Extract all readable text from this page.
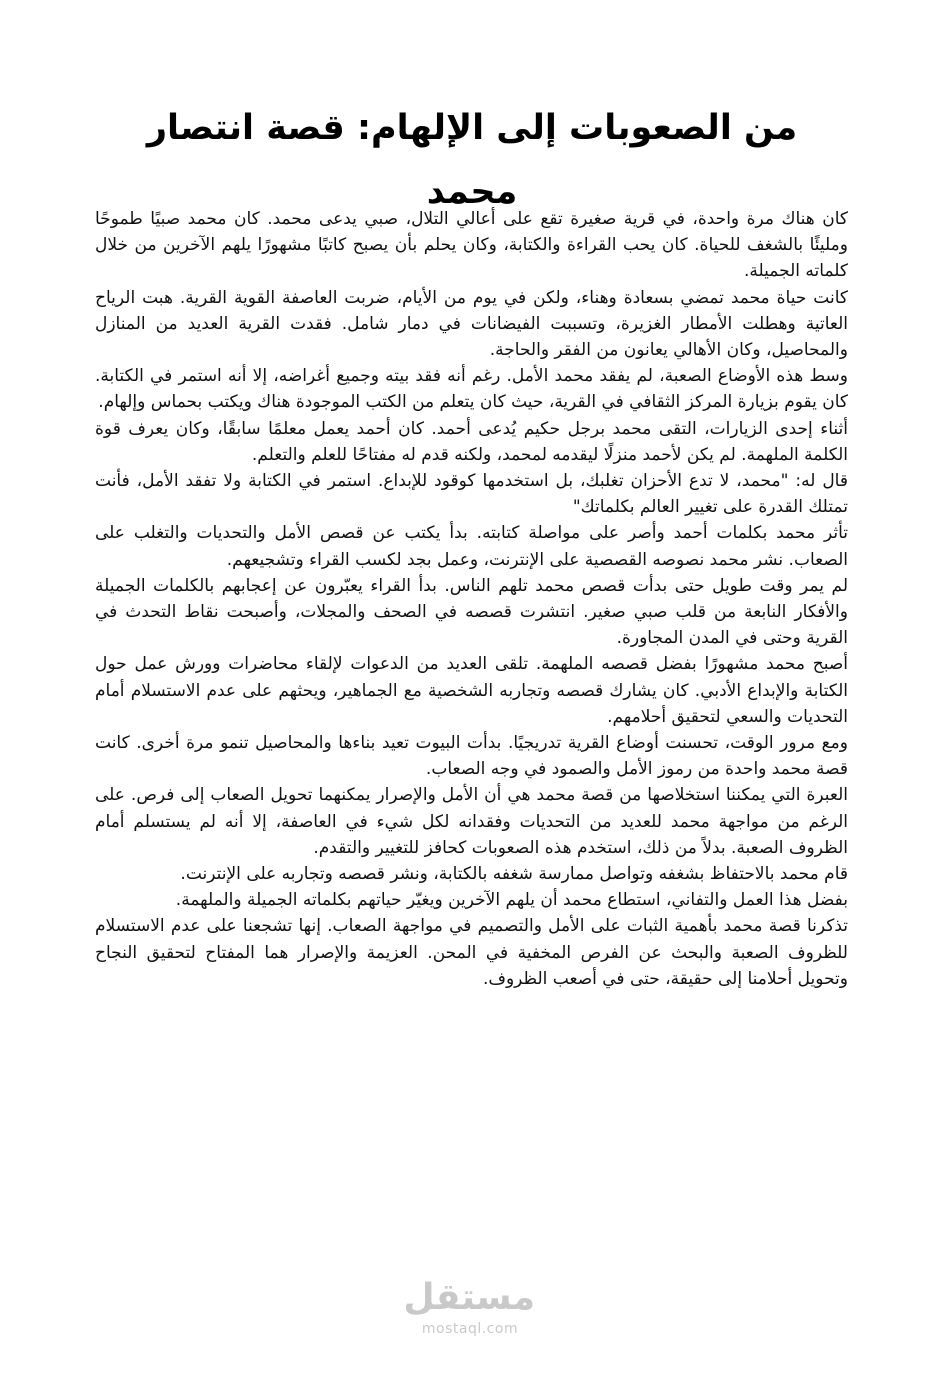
من الصعوبات إلى الإلهام: قصة انتصار محمد

كان هناك مرة واحدة، في قرية صغيرة تقع على أعالي التلال، صبي يدعى محمد. كان محمد صبيًا طموحًا ومليئًا بالشغف للحياة. كان يحب القراءة والكتابة، وكان يحلم بأن يصبح كاتبًا مشهورًا يلهم الآخرين من خلال كلماته الجميلة.

كانت حياة محمد تمضي بسعادة وهناء، ولكن في يوم من الأيام، ضربت العاصفة القوية القرية. هبت الرياح العاتية وهطلت الأمطار الغزيرة، وتسببت الفيضانات في دمار شامل. فقدت القرية العديد من المنازل والمحاصيل، وكان الأهالي يعانون من الفقر والحاجة.

وسط هذه الأوضاع الصعبة، لم يفقد محمد الأمل. رغم أنه فقد بيته وجميع أغراضه، إلا أنه استمر في الكتابة. كان يقوم بزيارة المركز الثقافي في القرية، حيث كان يتعلم من الكتب الموجودة هناك ويكتب بحماس وإلهام.

أثناء إحدى الزيارات، التقى محمد برجل حكيم يُدعى أحمد. كان أحمد يعمل معلمًا سابقًا، وكان يعرف قوة الكلمة الملهمة. لم يكن لأحمد منزلًا ليقدمه لمحمد، ولكنه قدم له مفتاحًا للعلم والتعلم.

قال له: "محمد، لا تدع الأحزان تغلبك، بل استخدمها كوقود للإبداع. استمر في الكتابة ولا تفقد الأمل، فأنت تمتلك القدرة على تغيير العالم بكلماتك"

تأثر محمد بكلمات أحمد وأصر على مواصلة كتابته. بدأ يكتب عن قصص الأمل والتحديات والتغلب على الصعاب. نشر محمد نصوصه القصصية على الإنترنت، وعمل بجد لكسب القراء وتشجيعهم.

لم يمر وقت طويل حتى بدأت قصص محمد تلهم الناس. بدأ القراء يعبّرون عن إعجابهم بالكلمات الجميلة والأفكار النابعة من قلب صبي صغير. انتشرت قصصه في الصحف والمجلات، وأصبحت نقاط التحدث في القرية وحتى في المدن المجاورة.

أصبح محمد مشهورًا بفضل قصصه الملهمة. تلقى العديد من الدعوات لإلقاء محاضرات وورش عمل حول الكتابة والإبداع الأدبي. كان يشارك قصصه وتجاربه الشخصية مع الجماهير، ويحثهم على عدم الاستسلام أمام التحديات والسعي لتحقيق أحلامهم.

ومع مرور الوقت، تحسنت أوضاع القرية تدريجيًا. بدأت البيوت تعيد بناءها والمحاصيل تنمو مرة أخرى. كانت قصة محمد واحدة من رموز الأمل والصمود في وجه الصعاب.

العبرة التي يمكننا استخلاصها من قصة محمد هي أن الأمل والإصرار يمكنهما تحويل الصعاب إلى فرص. على الرغم من مواجهة محمد للعديد من التحديات وفقدانه لكل شيء في العاصفة، إلا أنه لم يستسلم أمام الظروف الصعبة. بدلاً من ذلك، استخدم هذه الصعوبات كحافز للتغيير والتقدم.

قام محمد بالاحتفاظ بشغفه وتواصل ممارسة شغفه بالكتابة، ونشر قصصه وتجاربه على الإنترنت.

بفضل هذا العمل والتفاني، استطاع محمد أن يلهم الآخرين ويغيّر حياتهم بكلماته الجميلة والملهمة.

تذكرنا قصة محمد بأهمية الثبات على الأمل والتصميم في مواجهة الصعاب. إنها تشجعنا على عدم الاستسلام للظروف الصعبة والبحث عن الفرص المخفية في المحن. العزيمة والإصرار هما المفتاح لتحقيق النجاح وتحويل أحلامنا إلى حقيقة، حتى في أصعب الظروف.

مستقل
mostaql.com
